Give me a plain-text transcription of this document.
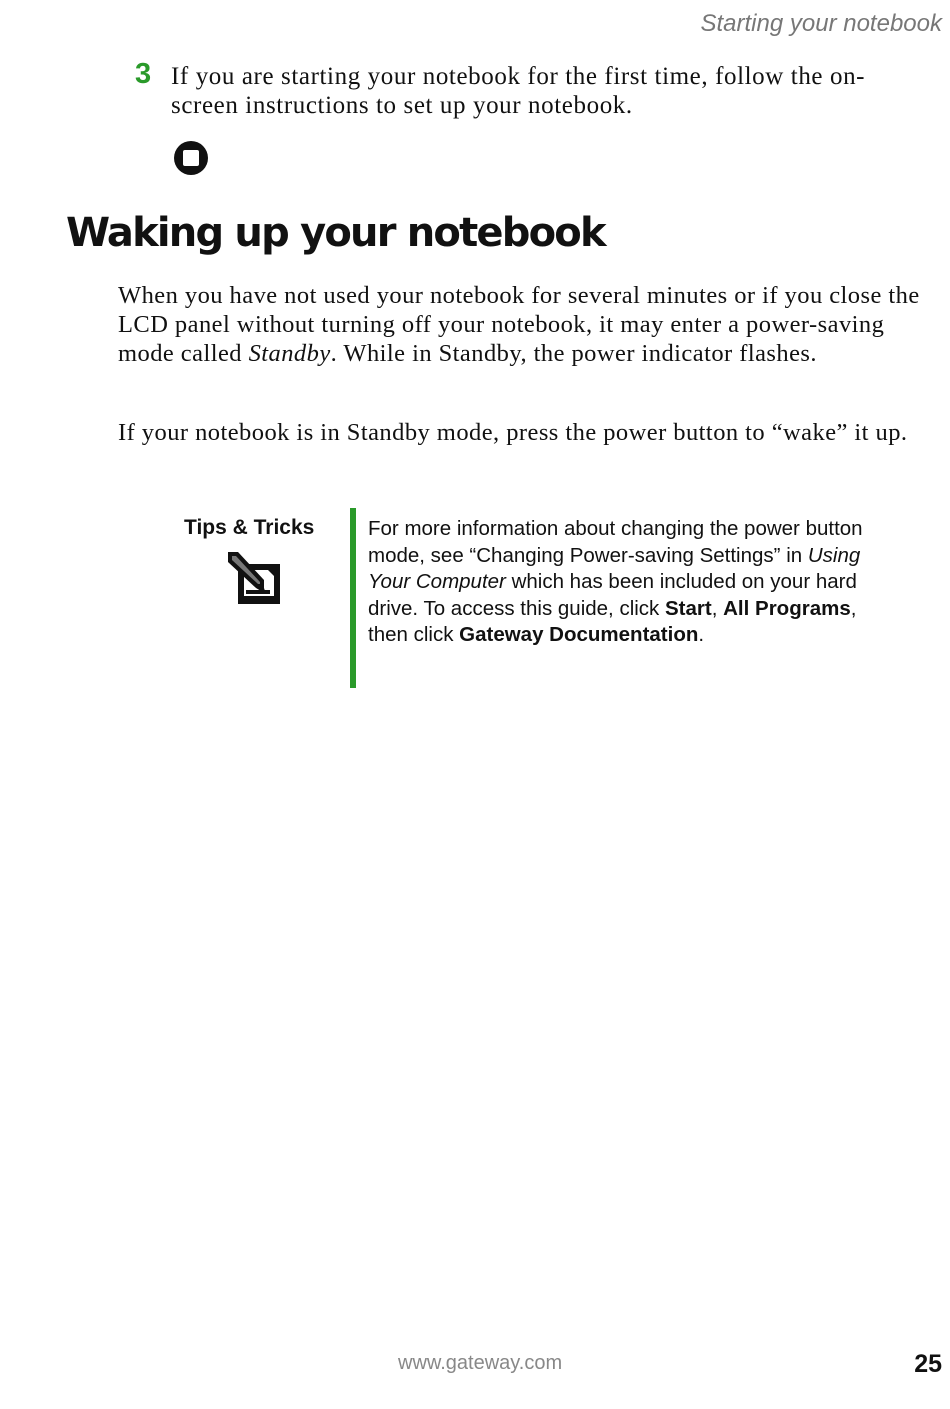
Starting your notebook
3 If you are starting your notebook for the first time, follow the on-screen instructions to set up your notebook.
Waking up your notebook

When you have not used your notebook for several minutes or if you close the LCD panel without turning off your notebook, it may enter a power-saving mode called Standby. While in Standby, the power indicator flashes.

If your notebook is in Standby mode, press the power button to “wake” it up.

Tips & Tricks	For more information about changing the power button mode, see “Changing Power-saving Settings” in Using Your Computer which has been included on your hard drive. To access this guide, click Start, All Programs, then click Gateway Documentation.
www.gateway.com	25
